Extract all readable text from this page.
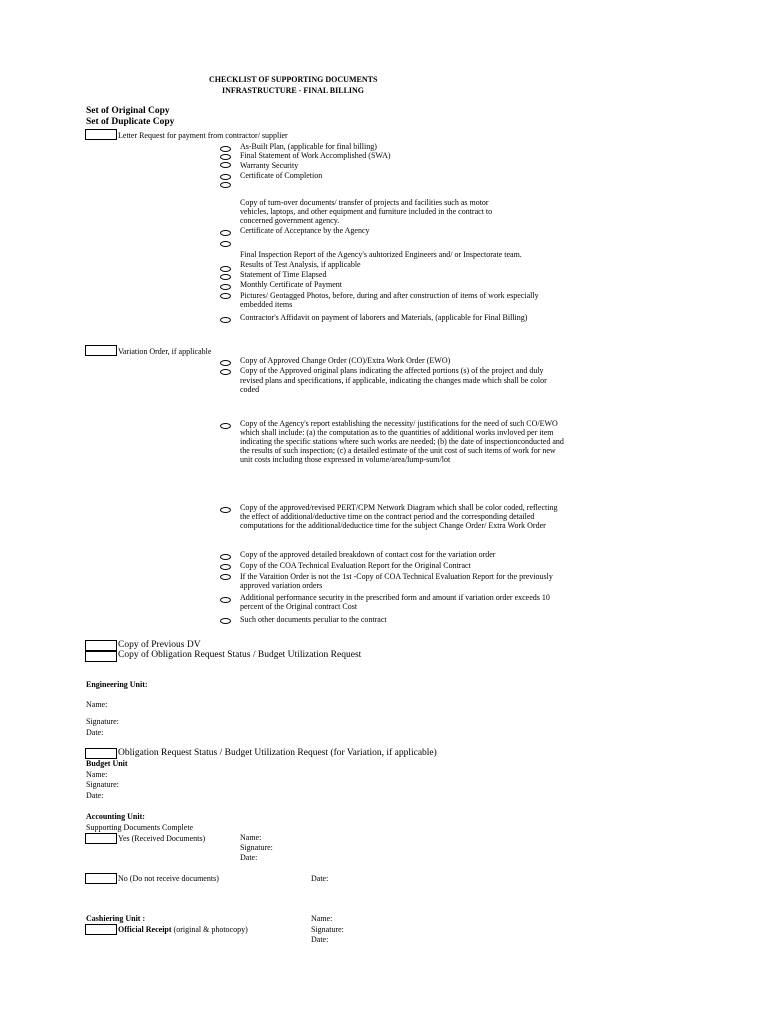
CHECKLIST OF SUPPORTING DOCUMENTS
INFRASTRUCTURE - FINAL BILLING
Set of Original Copy
Set of Duplicate Copy
Letter Request for payment from contractor/ supplier
As-Built Plan, (applicable for final billing)
Final Statement of Work Accomplished (SWA)
Warranty Security
Certificate of Completion
Copy of turn-over documents/ transfer of projects and facilities such as motor
vehicles, laptops, and other equipment and furniture included in the contract to
concerned government agency.
Certificate of Acceptance by the Agency
Final Inspection Report of the Agency's auhtorized Engineers and/ or Inspectorate team.
Results of Test Analysis, if applicable
Statement of Time Elapsed
Monthly Certificate of Payment
Pictures/ Geotagged Photos, before, during and after construction of items of work especially
embedded items
Contractor's Affidavit on payment of laborers and Materials, (applicable for Final Billing)
Variation Order, if applicable
Copy of Approved Change Order (CO)/Extra Work Order (EWO)
Copy of the Approved original plans indicating the affected portions (s) of the project and duly
revised plans and specifications, if applicable, indicating the changes made which shall be color
coded
Copy of the Agency's report establishing the necessity/ justifications for the need of such CO/EWO
which shall include: (a) the computation as to the quantities of additional works invloved per item
indicating the specific stations where such works are needed; (b) the date of inspectionconducted and
the results of such inspection; (c) a detailed estimate of the unit cost of such items of work for new
unit costs including those expressed in volume/area/lump-sum/lot
Copy of the approved/revised PERT/CPM Network Diagram which shall be color coded, reflecting
the effect of additional/deductive time on the contract period and the corresponding detailed
computations for the additional/deductice time for the subject Change Order/ Extra Work Order
Copy of the approved detailed breakdown of contact cost for the variation order
Copy of the COA Technical Evaluation Report for the Original Contract
If the Varaition Order is not the 1st -Copy of COA Technical Evaluation Report for the previously
approved variation orders
Additional performance security in the prescribed form and amount if variation order exceeds 10
percent of the Original contract Cost
Such other documents peculiar to the contract
Copy of Previous DV
Copy of Obligation Request Status / Budget Utilization Request
Engineering Unit:
Name:
Signature:
Date:
Obligation Request Status / Budget Utilization Request (for Variation, if applicable)
Budget Unit
Name:
Signature:
Date:
Accounting Unit:
Supporting Documents Complete
Yes (Received Documents)	Name:
Signature:
Date:
No (Do not receive documents)	Date:
Cashiering Unit :	Name:
Official Receipt (original & photocopy)	Signature:
Date:
